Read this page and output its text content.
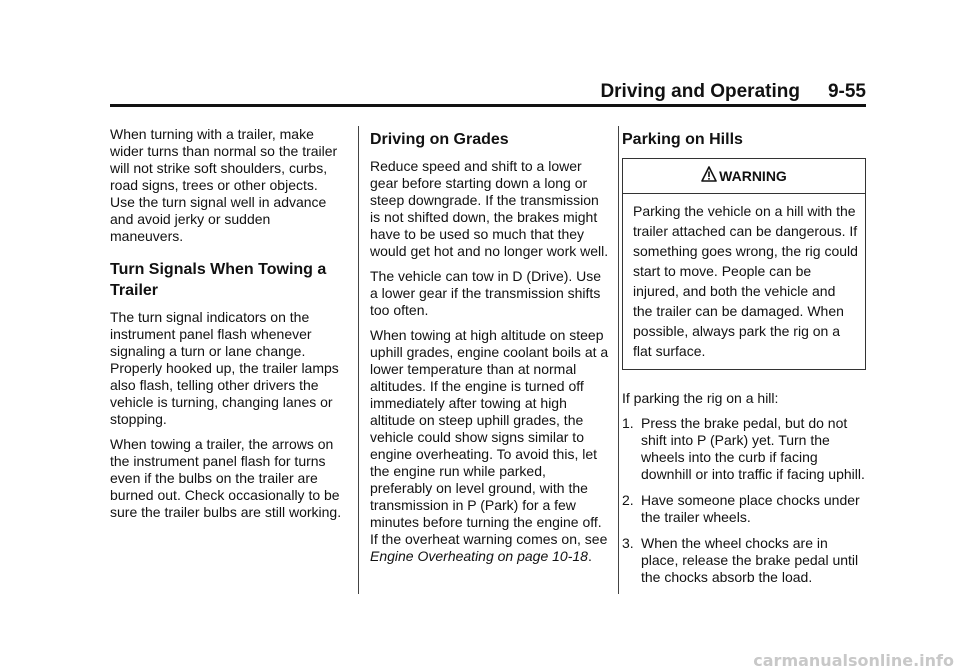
Driving and Operating 9-55

When turning with a trailer, make wider turns than normal so the trailer will not strike soft shoulders, curbs, road signs, trees or other objects. Use the turn signal well in advance and avoid jerky or sudden maneuvers.

Turn Signals When Towing a Trailer

The turn signal indicators on the instrument panel flash whenever signaling a turn or lane change. Properly hooked up, the trailer lamps also flash, telling other drivers the vehicle is turning, changing lanes or stopping.

When towing a trailer, the arrows on the instrument panel flash for turns even if the bulbs on the trailer are burned out. Check occasionally to be sure the trailer bulbs are still working.

Driving on Grades

Reduce speed and shift to a lower gear before starting down a long or steep downgrade. If the transmission is not shifted down, the brakes might have to be used so much that they would get hot and no longer work well.

The vehicle can tow in D (Drive). Use a lower gear if the transmission shifts too often.

When towing at high altitude on steep uphill grades, engine coolant boils at a lower temperature than at normal altitudes. If the engine is turned off immediately after towing at high altitude on steep uphill grades, the vehicle could show signs similar to engine overheating. To avoid this, let the engine run while parked, preferably on level ground, with the transmission in P (Park) for a few minutes before turning the engine off. If the overheat warning comes on, see Engine Overheating on page 10-18.

Parking on Hills
WARNING
Parking the vehicle on a hill with the trailer attached can be dangerous. If something goes wrong, the rig could start to move. People can be injured, and both the vehicle and the trailer can be damaged. When possible, always park the rig on a flat surface.

If parking the rig on a hill:

1. Press the brake pedal, but do not shift into P (Park) yet. Turn the wheels into the curb if facing downhill or into traffic if facing uphill.
2. Have someone place chocks under the trailer wheels.
3. When the wheel chocks are in place, release the brake pedal until the chocks absorb the load.
carmanualsonline.info
